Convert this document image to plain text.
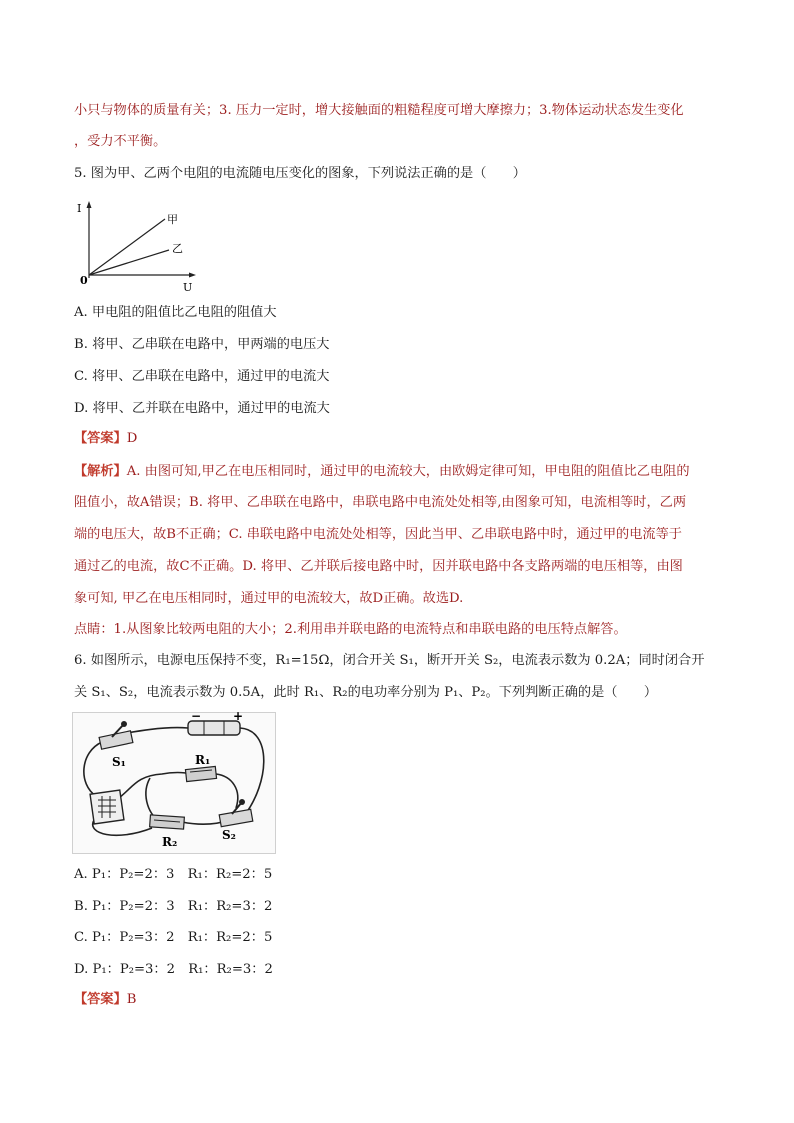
小只与物体的质量有关；3. 压力一定时，增大接触面的粗糙程度可增大摩擦力；3.物体运动状态发生变化
，受力不平衡。
5. 图为甲、乙两个电阻的电流随电压变化的图象，下列说法正确的是（　　）
I
0
U
甲
乙
A. 甲电阻的阻值比乙电阻的阻值大
B. 将甲、乙串联在电路中，甲两端的电压大
C. 将甲、乙串联在电路中，通过甲的电流大
D. 将甲、乙并联在电路中，通过甲的电流大
【答案】D
【解析】A. 由图可知,甲乙在电压相同时，通过甲的电流较大，由欧姆定律可知，甲电阻的阻值比乙电阻的
阻值小，故A错误；B. 将甲、乙串联在电路中，串联电路中电流处处相等,由图象可知，电流相等时，乙两
端的电压大，故B不正确；C. 串联电路中电流处处相等，因此当甲、乙串联电路中时，通过甲的电流等于
通过乙的电流，故C不正确。D. 将甲、乙并联后接电路中时，因并联电路中各支路两端的电压相等，由图
象可知, 甲乙在电压相同时，通过甲的电流较大，故D正确。故选D.
点睛：1.从图象比较两电阻的大小；2.利用串并联电路的电流特点和串联电路的电压特点解答。
6. 如图所示，电源电压保持不变，R₁=15Ω，闭合开关 S₁，断开开关 S₂，电流表示数为 0.2A；同时闭合开
关 S₁、S₂，电流表示数为 0.5A，此时 R₁、R₂的电功率分别为 P₁、P₂。下列判断正确的是（　　）
−	+
S₁	R₁
R₂	S₂
A. P₁：P₂=2：3　R₁：R₂=2：5
B. P₁：P₂=2：3　R₁：R₂=3：2
C. P₁：P₂=3：2　R₁：R₂=2：5
D. P₁：P₂=3：2　R₁：R₂=3：2
【答案】B
